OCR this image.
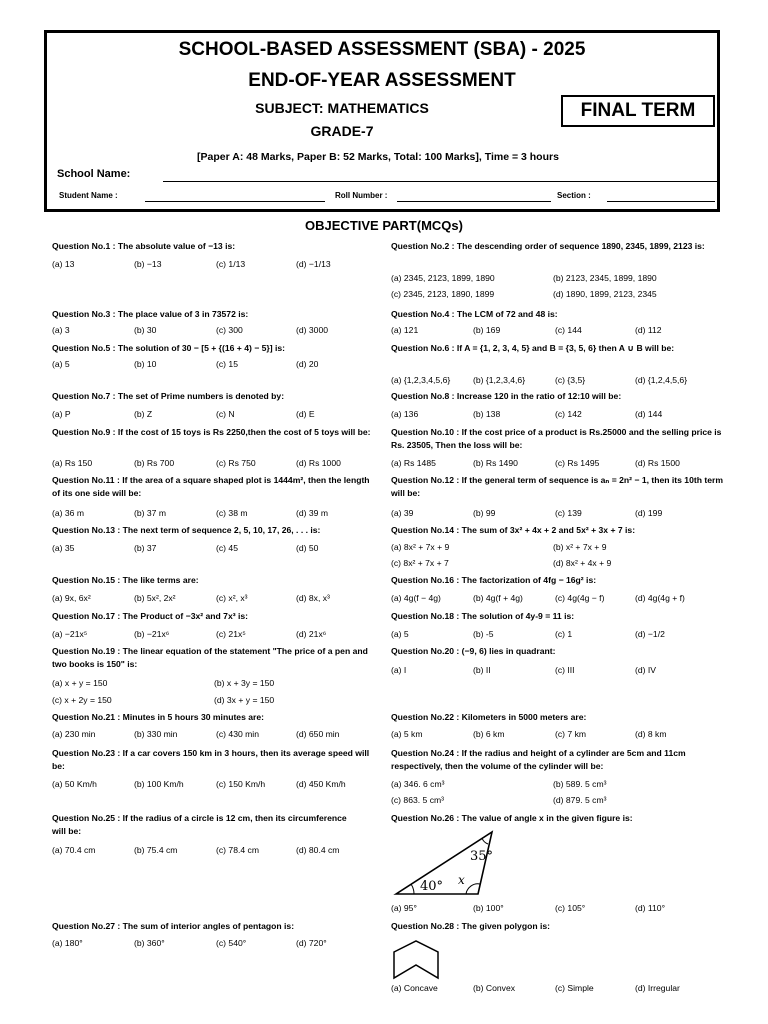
SCHOOL-BASED ASSESSMENT (SBA) - 2025
END-OF-YEAR ASSESSMENT
SUBJECT: MATHEMATICS
GRADE-7
FINAL TERM
[Paper A: 48 Marks, Paper B: 52 Marks, Total: 100 Marks], Time = 3 hours
School Name:
Student Name :	Roll Number :	Section :
OBJECTIVE PART(MCQs)
Question No.1 : The absolute value of −13 is:
(a) 13	(b) −13	(c) 1/13	(d) −1/13
Question No.2 : The descending order of sequence 1890, 2345, 1899, 2123 is:
(a) 2345, 2123, 1899, 1890	(b) 2123, 2345, 1899, 1890
(c) 2345, 2123, 1890, 1899	(d) 1890, 1899, 2123, 2345
Question No.3 : The place value of 3 in 73572 is:
(a) 3	(b) 30	(c) 300	(d) 3000
Question No.4 : The LCM of 72 and 48 is:
(a) 121	(b) 169	(c) 144	(d) 112
Question No.5 : The solution of 30 − [5 + {(16 + 4) − 5}] is:
(a) 5	(b) 10	(c) 15	(d) 20
Question No.6 : If A = {1, 2, 3, 4, 5} and B = {3, 5, 6} then A ∪ B will be:
(a) {1,2,3,4,5,6}	(b) {1,2,3,4,6}	(c) {3,5}	(d) {1,2,4,5,6}
Question No.7 : The set of Prime numbers is denoted by:
(a) P	(b) Z	(c) N	(d) E
Question No.8 : Increase 120 in the ratio of 12:10 will be:
(a) 136	(b) 138	(c) 142	(d) 144
Question No.9 : If the cost of 15 toys is Rs 2250,then the cost of 5 toys will be:
(a) Rs 150	(b) Rs 700	(c) Rs 750	(d) Rs 1000
Question No.10 : If the cost price of a product is Rs.25000 and the selling price is Rs. 23505, Then the loss will be:
(a) Rs 1485	(b) Rs 1490	(c) Rs 1495	(d) Rs 1500
Question No.11 : If the area of a square shaped plot is 1444m², then the length of its one side will be:
(a) 36 m	(b) 37 m	(c) 38 m	(d) 39 m
Question No.12 : If the general term of sequence is aₙ = 2n² − 1, then its 10th term will be:
(a) 39	(b) 99	(c) 139	(d) 199
Question No.13 : The next term of sequence 2, 5, 10, 17, 26, . . . is:
(a) 35	(b) 37	(c) 45	(d) 50
Question No.14 : The sum of 3x² + 4x + 2 and 5x² + 3x + 7 is:
(a) 8x² + 7x + 9	(b) x² + 7x + 9
(c) 8x² + 7x + 7	(d) 8x² + 4x + 9
Question No.15 : The like terms are:
(a) 9x, 6x²	(b) 5x², 2x²	(c) x², x³	(d) 8x, x³
Question No.16 : The factorization of 4fg − 16g² is:
(a) 4g(f − 4g)	(b) 4g(f + 4g)	(c) 4g(4g − f)	(d) 4g(4g + f)
Question No.17 : The Product of −3x² and 7x³ is:
(a) −21x⁵	(b) −21x⁶	(c) 21x⁵	(d) 21x⁶
Question No.18 : The solution of 4y-9 = 11 is:
(a) 5	(b) -5	(c) 1	(d) −1/2
Question No.19 : The linear equation of the statement "The price of a pen and two books is 150" is:
(a) x + y = 150	(b) x + 3y = 150
(c) x + 2y = 150	(d) 3x + y = 150
Question No.20 : (−9, 6) lies in quadrant:
(a) I	(b) II	(c) III	(d) IV
Question No.21 : Minutes in 5 hours 30 minutes are:
(a) 230 min	(b) 330 min	(c) 430 min	(d) 650 min
Question No.22 : Kilometers in 5000 meters are:
(a) 5 km	(b) 6 km	(c) 7 km	(d) 8 km
Question No.23 : If a car covers 150 km in 3 hours, then its average speed will be:
(a) 50 Km/h	(b) 100 Km/h	(c) 150 Km/h	(d) 450 Km/h
Question No.24 : If the radius and height of a cylinder are 5cm and 11cm respectively, then the volume of the cylinder will be:
(a) 346. 6 cm³	(b) 589. 5 cm³
(c) 863. 5 cm³	(d) 879. 5 cm³
Question No.25 : If the radius of a circle is 12 cm, then its circumference will be:
(a) 70.4 cm	(b) 75.4 cm	(c) 78.4 cm	(d) 80.4 cm
Question No.26 : The value of angle x in the given figure is:
(a) 95°	(b) 100°	(c) 105°	(d) 110°
Question No.27 : The sum of interior angles of pentagon is:
(a) 180°	(b) 360°	(c) 540°	(d) 720°
Question No.28 : The given polygon is:
(a) Concave	(b) Convex	(c) Simple	(d) Irregular
35°
40° x
